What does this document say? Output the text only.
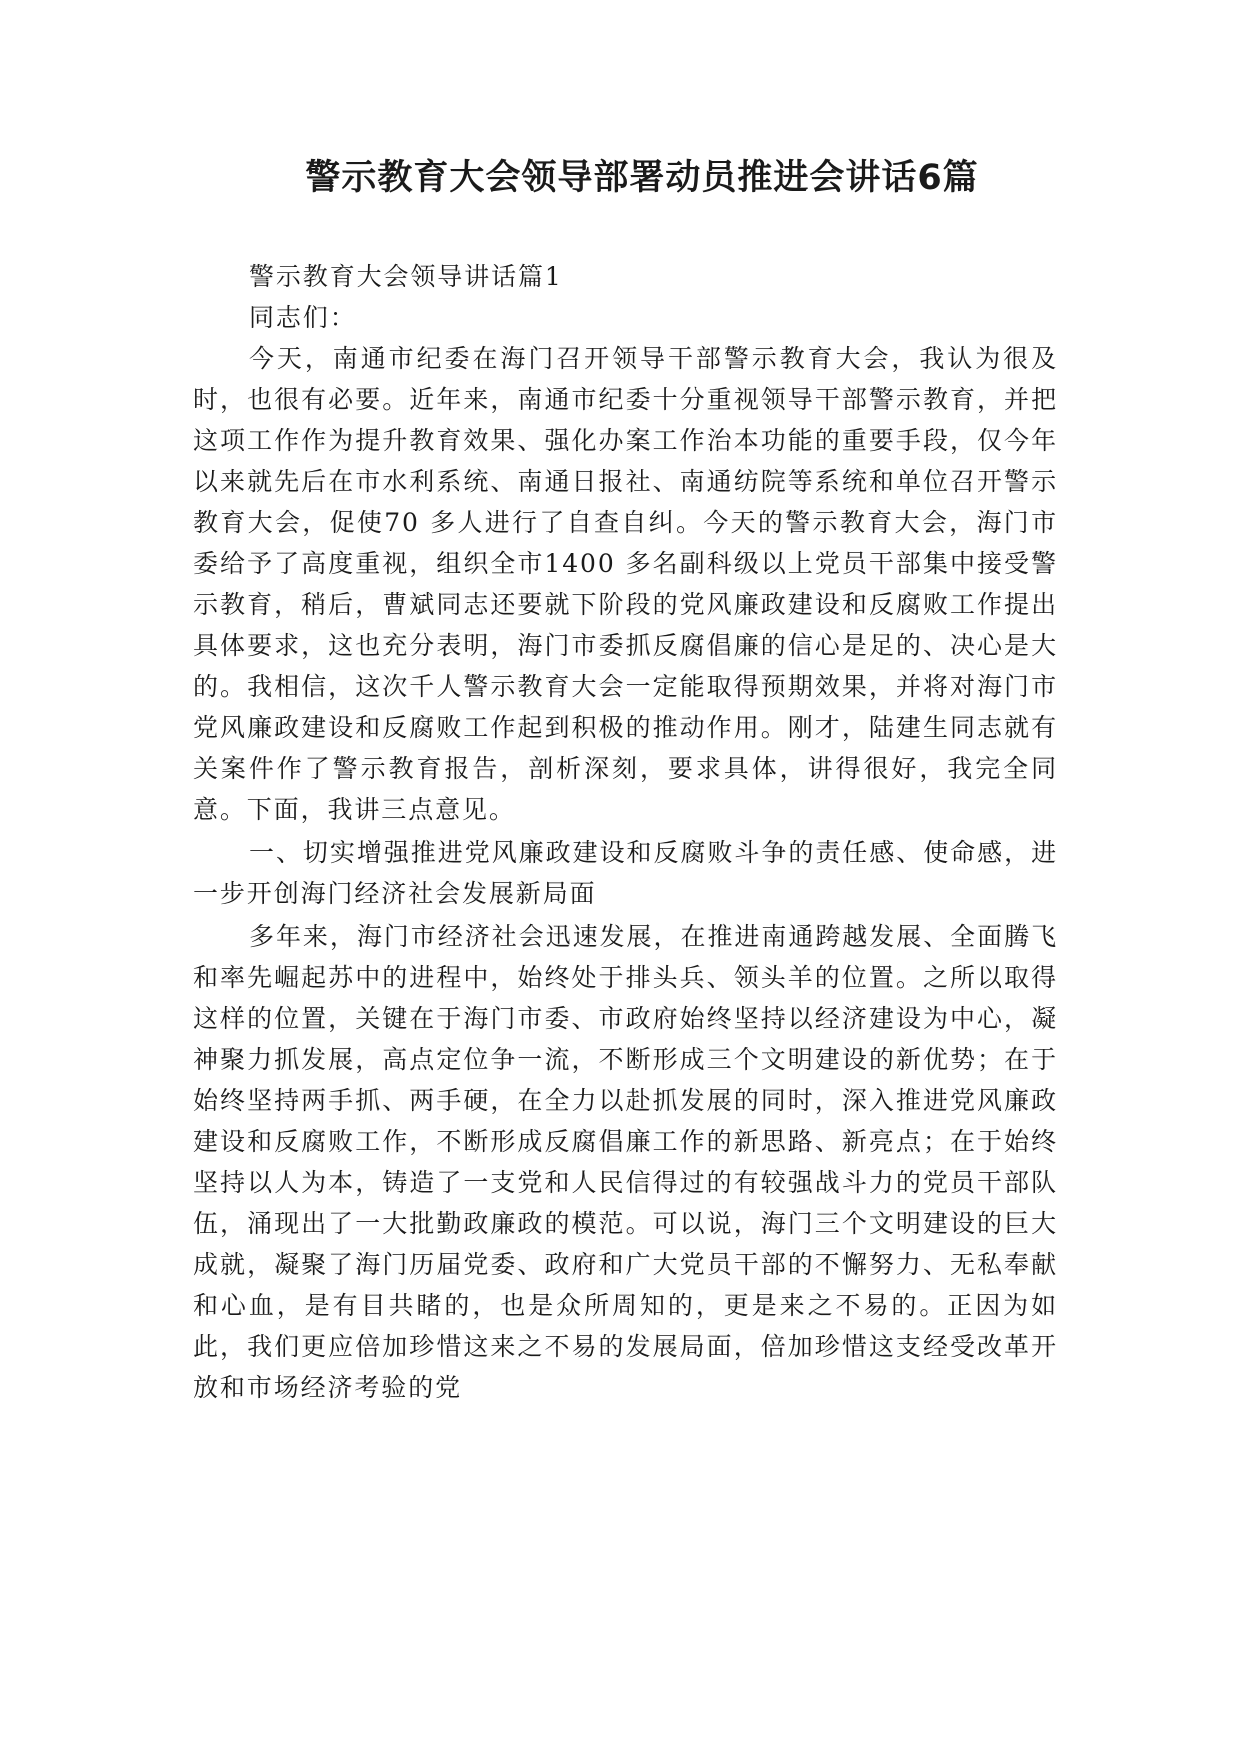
警示教育大会领导部署动员推进会讲话6篇

警示教育大会领导讲话篇1

同志们：

今天，南通市纪委在海门召开领导干部警示教育大会，我认为很及时，也很有必要。近年来，南通市纪委十分重视领导干部警示教育，并把这项工作作为提升教育效果、强化办案工作治本功能的重要手段，仅今年以来就先后在市水利系统、南通日报社、南通纺院等系统和单位召开警示教育大会，促使70 多人进行了自查自纠。今天的警示教育大会，海门市委给予了高度重视，组织全市1400 多名副科级以上党员干部集中接受警示教育，稍后，曹斌同志还要就下阶段的党风廉政建设和反腐败工作提出具体要求，这也充分表明，海门市委抓反腐倡廉的信心是足的、决心是大的。我相信，这次千人警示教育大会一定能取得预期效果，并将对海门市党风廉政建设和反腐败工作起到积极的推动作用。刚才，陆建生同志就有关案件作了警示教育报告，剖析深刻，要求具体，讲得很好，我完全同意。下面，我讲三点意见。

一、切实增强推进党风廉政建设和反腐败斗争的责任感、使命感，进一步开创海门经济社会发展新局面

多年来，海门市经济社会迅速发展，在推进南通跨越发展、全面腾飞和率先崛起苏中的进程中，始终处于排头兵、领头羊的位置。之所以取得这样的位置，关键在于海门市委、市政府始终坚持以经济建设为中心，凝神聚力抓发展，高点定位争一流，不断形成三个文明建设的新优势；在于始终坚持两手抓、两手硬，在全力以赴抓发展的同时，深入推进党风廉政建设和反腐败工作，不断形成反腐倡廉工作的新思路、新亮点；在于始终坚持以人为本，铸造了一支党和人民信得过的有较强战斗力的党员干部队伍，涌现出了一大批勤政廉政的模范。可以说，海门三个文明建设的巨大成就，凝聚了海门历届党委、政府和广大党员干部的不懈努力、无私奉献和心血，是有目共睹的，也是众所周知的，更是来之不易的。正因为如此，我们更应倍加珍惜这来之不易的发展局面，倍加珍惜这支经受改革开放和市场经济考验的党
